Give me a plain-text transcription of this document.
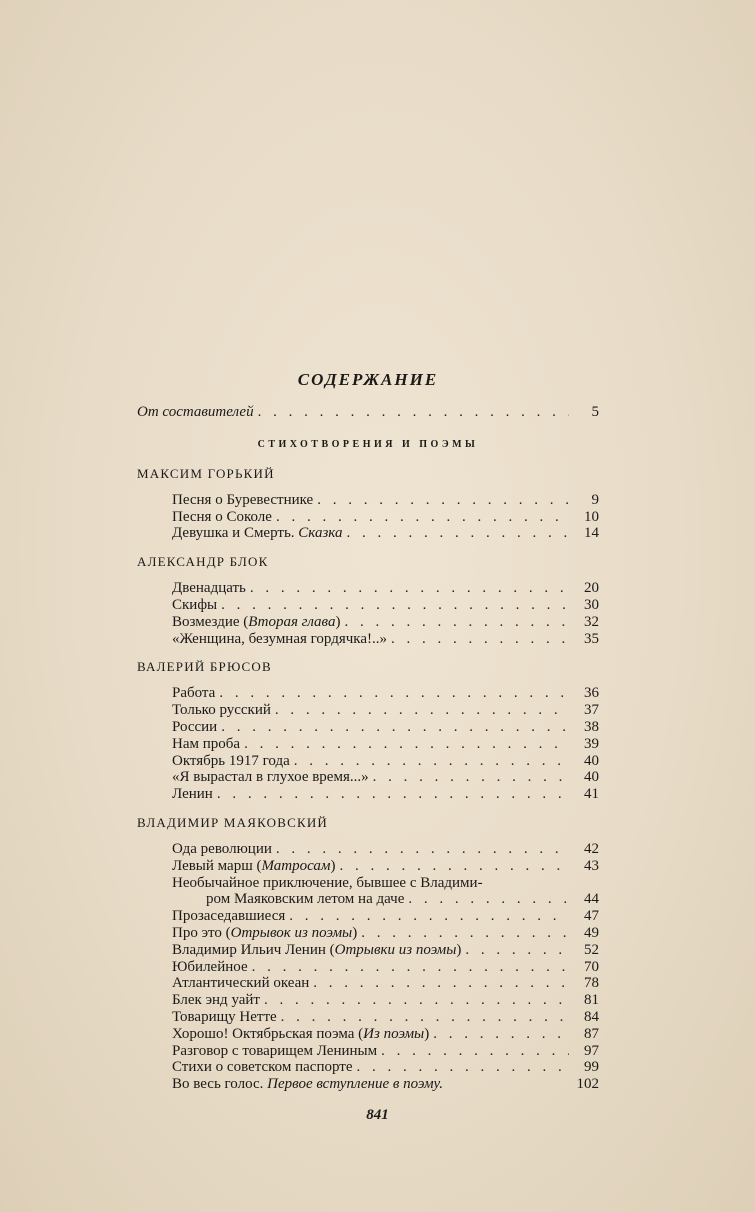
СОДЕРЖАНИЕ
От составителей . . .	5
СТИХОТВОРЕНИЯ И ПОЭМЫ
МАКСИМ ГОРЬКИЙ
Песня о Буревестнике . . .	9
Песня о Соколе . . .	10
Девушка и Смерть. Сказка . . .	14
АЛЕКСАНДР БЛОК
Двенадцать . . .	20
Скифы . . .	30
Возмездие (Вторая глава) . . .	32
«Женщина, безумная гордячка!..» . . .	35
ВАЛЕРИЙ БРЮСОВ
Работа . . .	36
Только русский . . .	37
России . . .	38
Нам проба . . .	39
Октябрь 1917 года . . .	40
«Я вырастал в глухое время...» . . .	40
Ленин . . .	41
ВЛАДИМИР МАЯКОВСКИЙ
Ода революции . . .	42
Левый марш (Матросам) . . .	43
Необычайное приключение, бывшее с Владими-
ром Маяковским летом на даче . . .	44
Прозаседавшиеся . . .	47
Про это (Отрывок из поэмы) . . .	49
Владимир Ильич Ленин (Отрывки из поэмы) . . .	52
Юбилейное . . .	70
Атлантический океан . . .	78
Блек энд уайт . . .	81
Товарищу Нетте . . .	84
Хорошо! Октябрьская поэма (Из поэмы) . . .	87
Разговор с товарищем Лениным . . .	97
Стихи о советском паспорте . . .	99
Во весь голос. Первое вступление в поэму.	102
841
